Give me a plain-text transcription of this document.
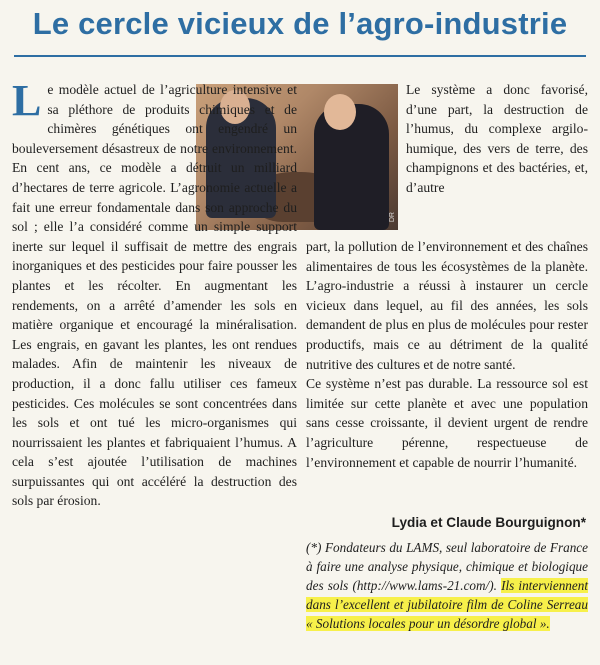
Le cercle vicieux de l’agro-industrie
DR

Le modèle actuel de l’agriculture intensive et sa pléthore de produits chimiques et de chimères génétiques ont engendré un bouleversement désastreux de notre environnement. En cent ans, ce modèle a détruit un milliard d’hectares de terre agricole. L’agronomie actuelle a fait une erreur fondamentale dans son approche du sol ; elle l’a considéré comme un simple support inerte sur lequel il suffisait de mettre des engrais inorganiques et des pesticides pour faire pousser les plantes et les récolter. En augmentant les rendements, on a arrêté d’amender les sols en matière organique et encouragé la minéralisation. Les engrais, en gavant les plantes, les ont rendues malades. Afin de maintenir les niveaux de production, il a donc fallu utiliser ces fameux pesticides. Ces molécules se sont concentrées dans les sols et ont tué les micro-organismes qui nourrissaient les plantes et fabriquaient l’humus. A cela s’est ajoutée l’utilisation de machines surpuissantes qui ont accéléré la destruction des sols par érosion.

Le système a donc favorisé, d’une part, la destruction de l’humus, du complexe argilo-humique, des vers de terre, des champignons et des bactéries, et, d’autre

part, la pollution de l’environnement et des chaînes alimentaires de tous les écosystèmes de la planète. L’agro-industrie a réussi à instaurer un cercle vicieux dans lequel, au fil des années, les sols demandent de plus en plus de molécules pour rester productifs, mais ce au détriment de la qualité nutritive des cultures et de notre santé.

Ce système n’est pas durable. La ressource sol est limitée sur cette planète et avec une population sans cesse croissante, il devient urgent de rendre l’agriculture pérenne, respectueuse de l’environnement et capable de nourrir l’humanité.

Lydia et Claude Bourguignon*
(*) Fondateurs du LAMS, seul laboratoire de France à faire une analyse physique, chimique et biologique des sols (http://www.lams-21.com/). Ils interviennent dans l’excellent et jubilatoire film de Coline Serreau « Solutions locales pour un désordre global ».
